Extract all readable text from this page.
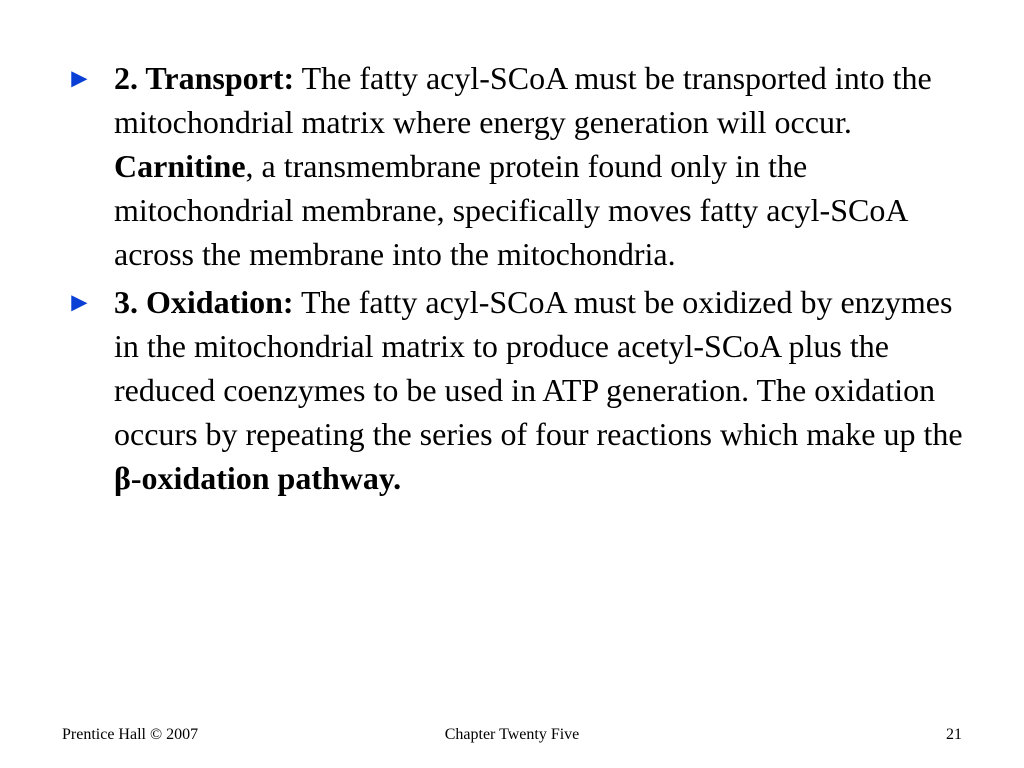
► 2. Transport: The fatty acyl-SCoA must be transported into the mitochondrial matrix where energy generation will occur. Carnitine, a transmembrane protein found only in the mitochondrial membrane, specifically moves fatty acyl-SCoA across the membrane into the mitochondria.
► 3. Oxidation: The fatty acyl-SCoA must be oxidized by enzymes in the mitochondrial matrix to produce acetyl-SCoA plus the reduced coenzymes to be used in ATP generation. The oxidation occurs by repeating the series of four reactions which make up the β-oxidation pathway.
Prentice Hall © 2007	Chapter Twenty Five	21
